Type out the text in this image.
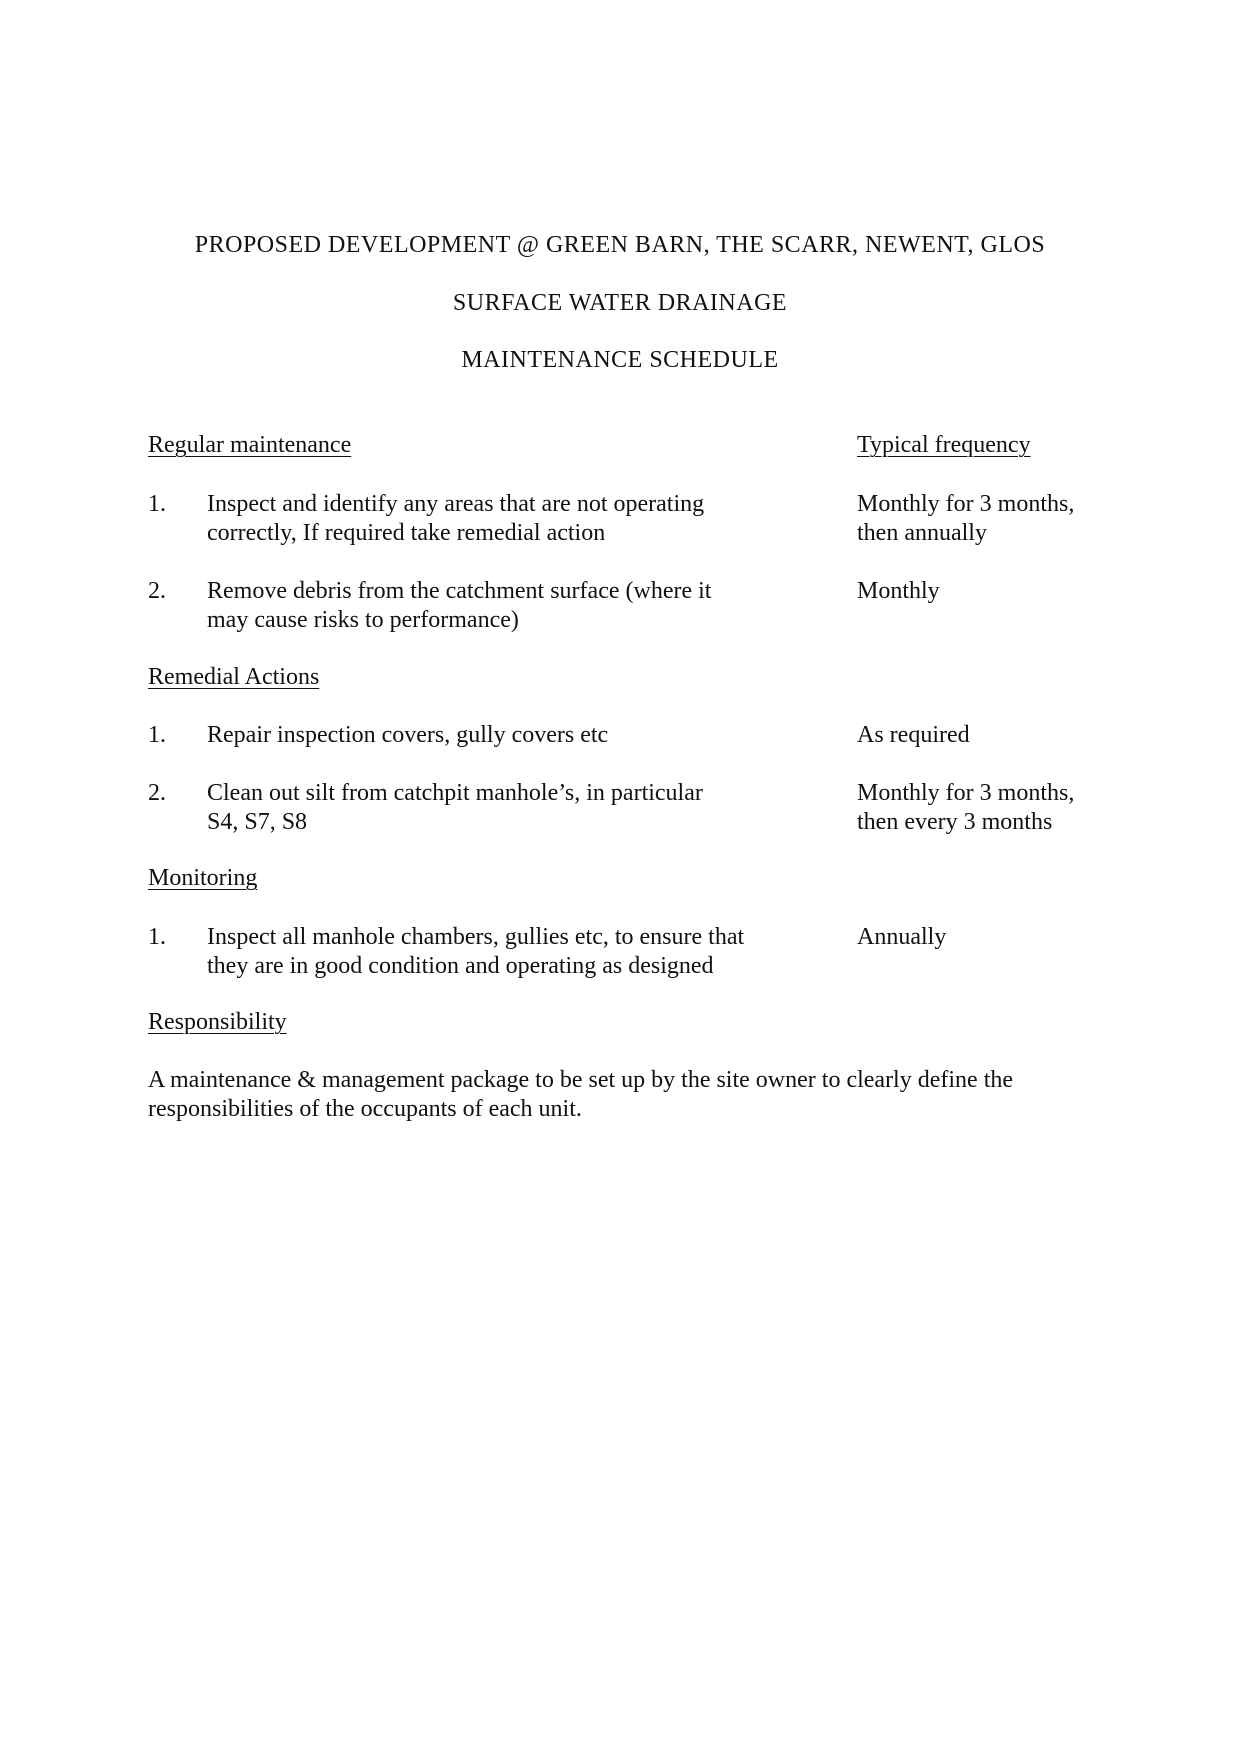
PROPOSED DEVELOPMENT @ GREEN BARN, THE SCARR, NEWENT, GLOS
SURFACE WATER DRAINAGE
MAINTENANCE SCHEDULE
Regular maintenance	Typical frequency
1. Inspect and identify any areas that are not operating
correctly, If required take remedial action
Monthly for 3 months,
then annually
2. Remove debris from the catchment surface (where it
may cause risks to performance)
Monthly
Remedial Actions
1. Repair inspection covers, gully covers etc	As required
2. Clean out silt from catchpit manhole’s, in particular
S4, S7, S8
Monthly for 3 months,
then every 3 months
Monitoring
1. Inspect all manhole chambers, gullies etc, to ensure that
they are in good condition and operating as designed
Annually
Responsibility
A maintenance & management package to be set up by the site owner to clearly define the responsibilities of the occupants of each unit.
